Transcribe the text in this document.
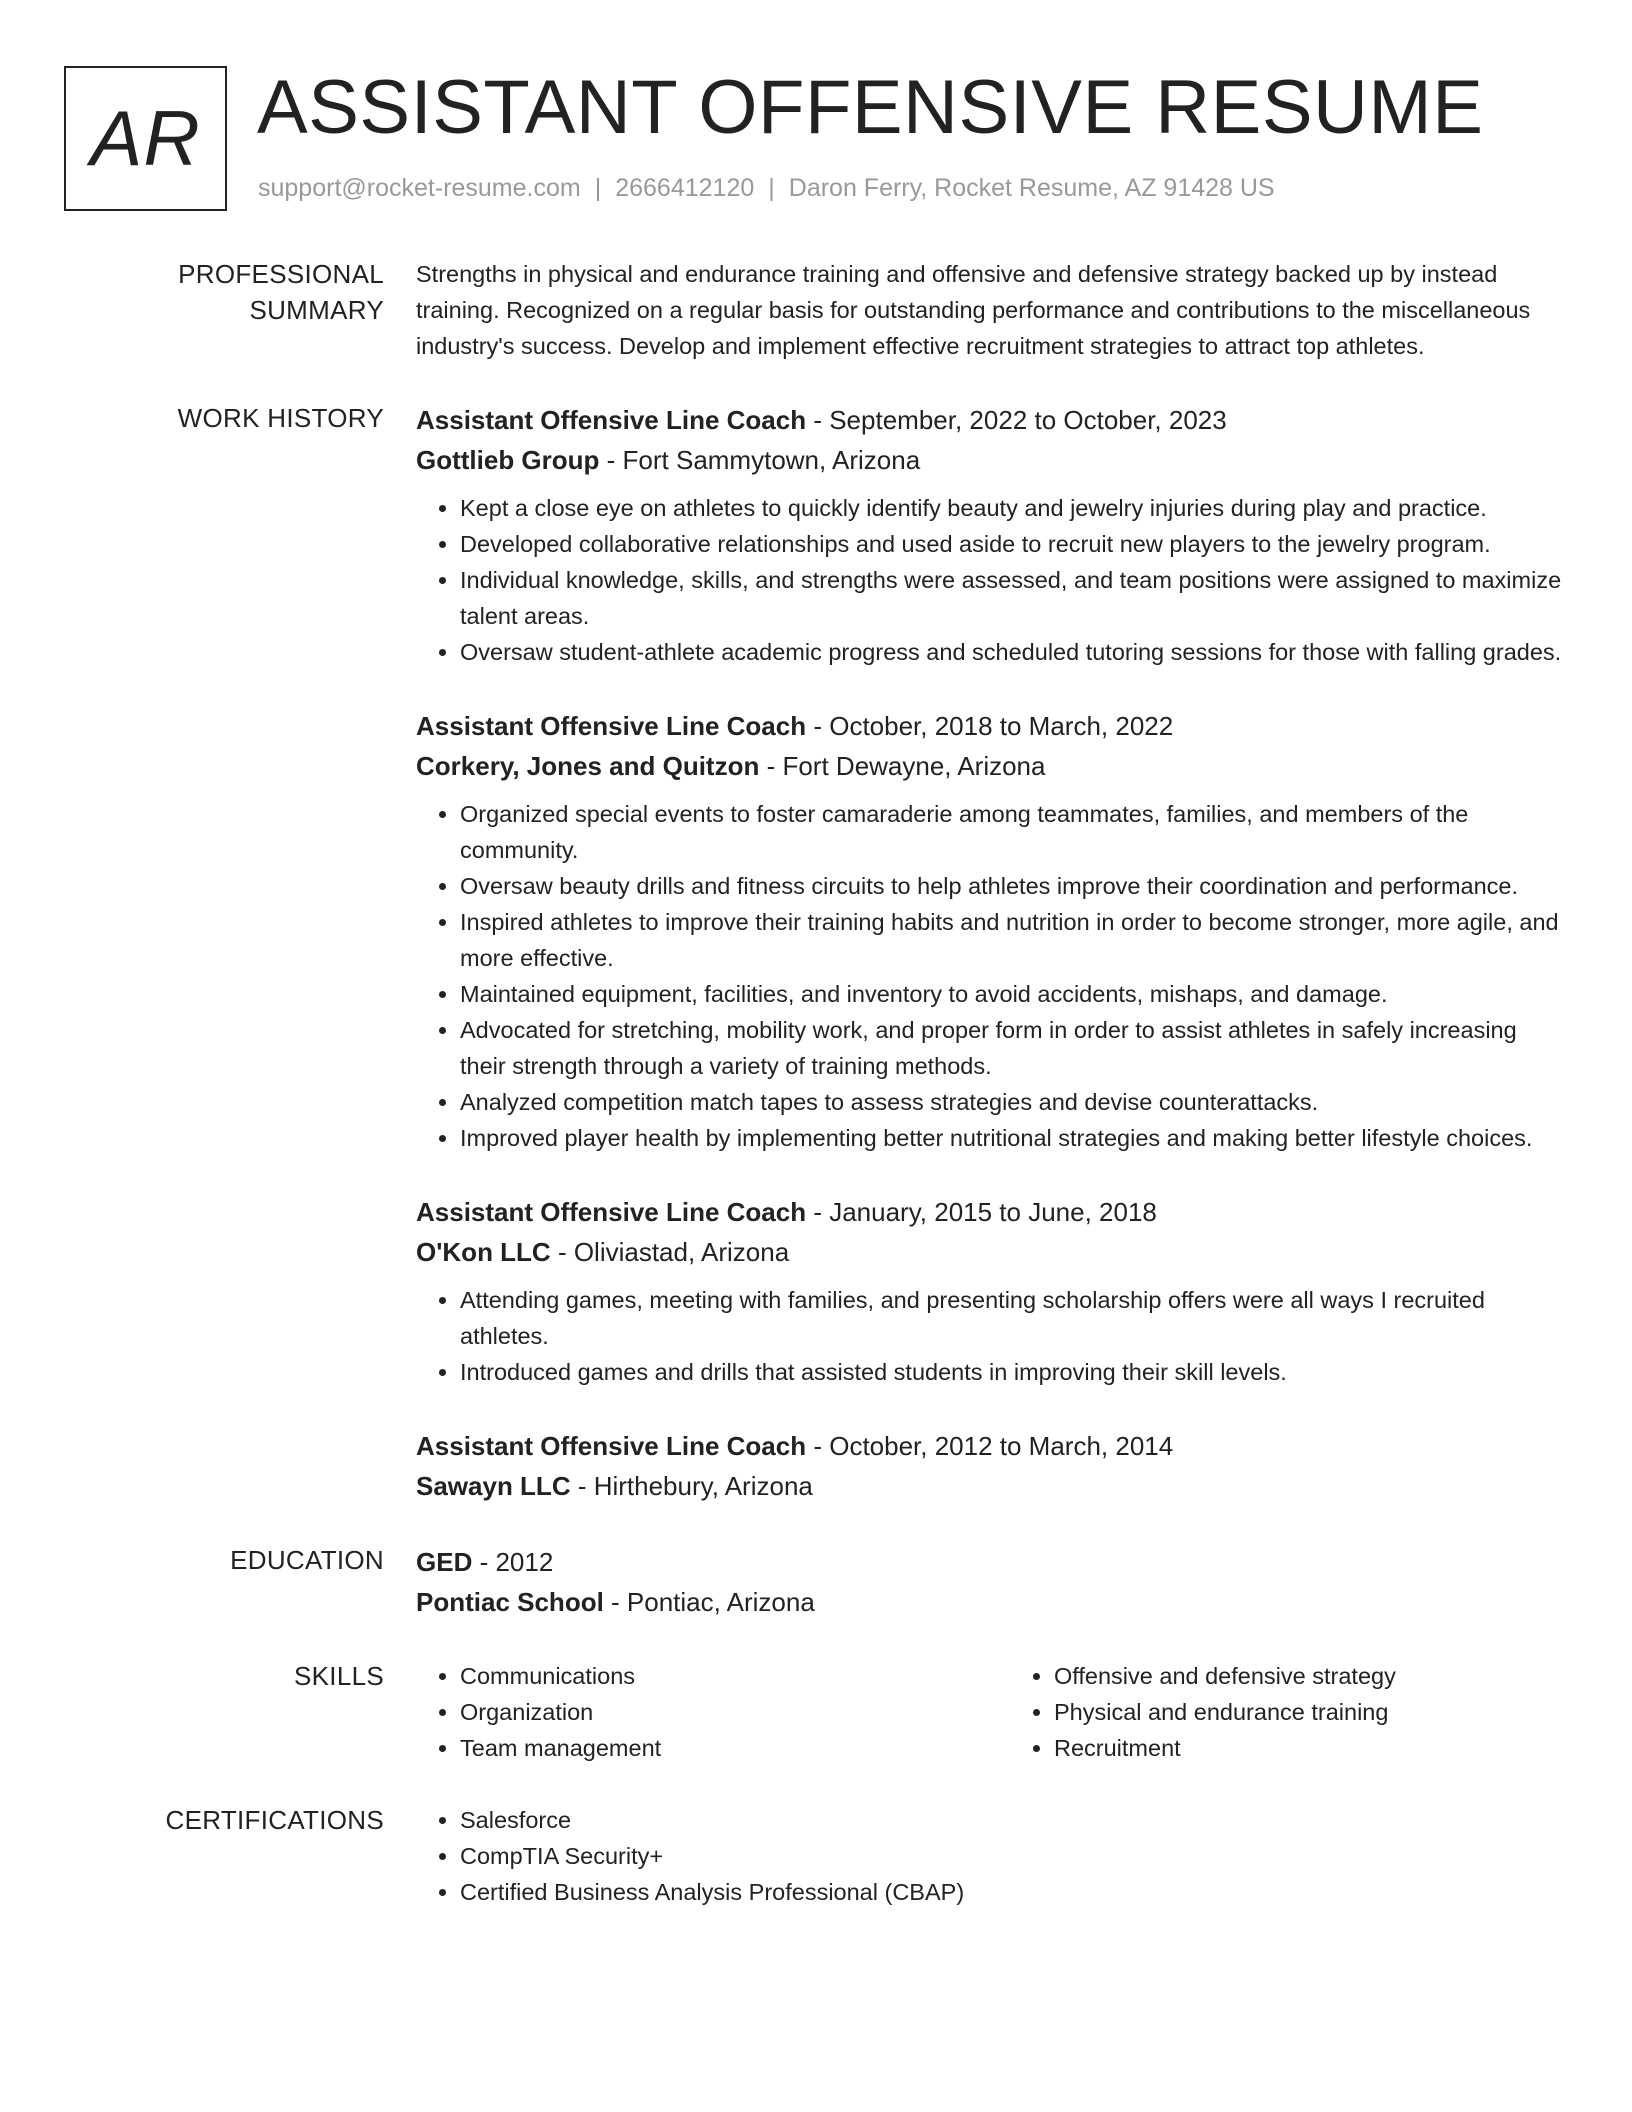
AR ASSISTANT OFFENSIVE RESUME
support@rocket-resume.com | 2666412120 | Daron Ferry, Rocket Resume, AZ 91428 US
PROFESSIONAL SUMMARY

Strengths in physical and endurance training and offensive and defensive strategy backed up by instead training. Recognized on a regular basis for outstanding performance and contributions to the miscellaneous industry's success. Develop and implement effective recruitment strategies to attract top athletes.

WORK HISTORY	Assistant Offensive Line Coach - September, 2022 to October, 2023
Gottlieb Group - Fort Sammytown, Arizona
• Kept a close eye on athletes to quickly identify beauty and jewelry injuries during play and practice.
• Developed collaborative relationships and used aside to recruit new players to the jewelry program.
• Individual knowledge, skills, and strengths were assessed, and team positions were assigned to maximize talent areas.
• Oversaw student-athlete academic progress and scheduled tutoring sessions for those with falling grades.
Assistant Offensive Line Coach - October, 2018 to March, 2022
Corkery, Jones and Quitzon - Fort Dewayne, Arizona
• Organized special events to foster camaraderie among teammates, families, and members of the community.
• Oversaw beauty drills and fitness circuits to help athletes improve their coordination and performance.
• Inspired athletes to improve their training habits and nutrition in order to become stronger, more agile, and more effective.
• Maintained equipment, facilities, and inventory to avoid accidents, mishaps, and damage.
• Advocated for stretching, mobility work, and proper form in order to assist athletes in safely increasing their strength through a variety of training methods.
• Analyzed competition match tapes to assess strategies and devise counterattacks.
• Improved player health by implementing better nutritional strategies and making better lifestyle choices.
Assistant Offensive Line Coach - January, 2015 to June, 2018
O'Kon LLC - Oliviastad, Arizona
• Attending games, meeting with families, and presenting scholarship offers were all ways I recruited athletes.
• Introduced games and drills that assisted students in improving their skill levels.
Assistant Offensive Line Coach - October, 2012 to March, 2014
Sawayn LLC - Hirthebury, Arizona
EDUCATION	GED - 2012
Pontiac School - Pontiac, Arizona
SKILLS	• Communications
• Organization
• Team management
• Offensive and defensive strategy
• Physical and endurance training
• Recruitment
CERTIFICATIONS	• Salesforce
• CompTIA Security+
• Certified Business Analysis Professional (CBAP)
